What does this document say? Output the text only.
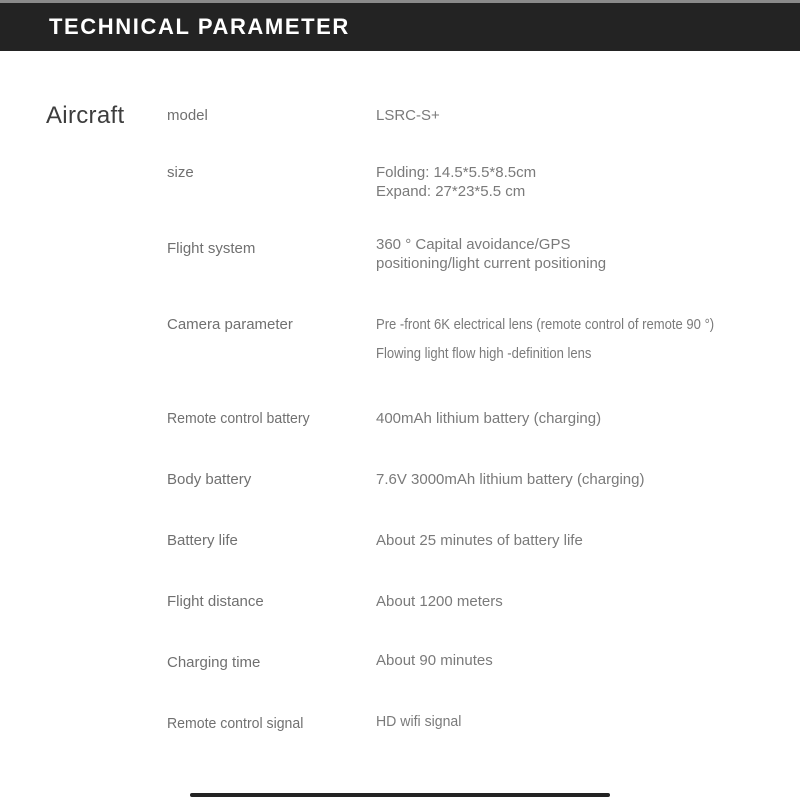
TECHNICAL PARAMETER
Aircraft	model	LSRC-S+
size	Folding: 14.5*5.5*8.5cm
Expand: 27*23*5.5 cm
Flight system	360 ° Capital avoidance/GPS
positioning/light current positioning
Camera parameter	Pre -front 6K electrical lens (remote control of remote 90 °)
Flowing light flow high -definition lens
Remote control battery	400mAh lithium battery (charging)
Body battery	7.6V 3000mAh lithium battery (charging)
Battery life	About 25 minutes of battery life
Flight distance	About 1200 meters
Charging time	About 90 minutes
Remote control signal	HD wifi signal
